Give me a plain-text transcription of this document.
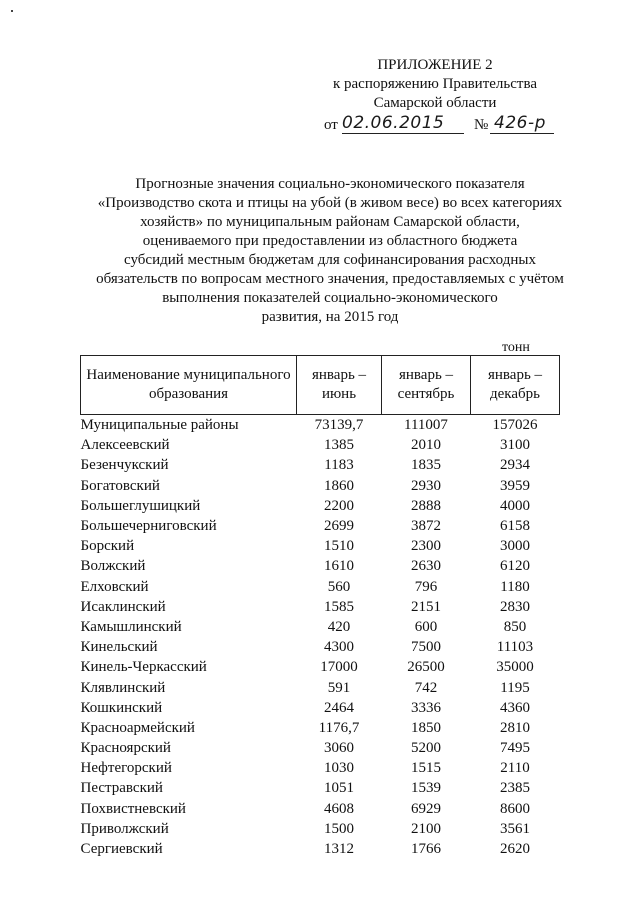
ПРИЛОЖЕНИЕ 2
к распоряжению Правительства
Самарской области
от 02.06.2015 № 426-р
Прогнозные значения социально-экономического показателя
«Производство скота и птицы на убой (в живом весе) во всех категориях
хозяйств» по муниципальным районам Самарской области,
оцениваемого при предоставлении из областного бюджета
субсидий местным бюджетам для софинансирования расходных
обязательств по вопросам местного значения, предоставляемых с учётом
выполнения показателей социально-экономического
развития, на 2015 год
тонн
Наименование муниципального образования	январь – июнь	январь – сентябрь	январь – декабрь
Муниципальные районы	73139,7	111007	157026
Алексеевский	1385	2010	3100
Безенчукский	1183	1835	2934
Богатовский	1860	2930	3959
Большеглушицкий	2200	2888	4000
Большечерниговский	2699	3872	6158
Борский	1510	2300	3000
Волжский	1610	2630	6120
Елховский	560	796	1180
Исаклинский	1585	2151	2830
Камышлинский	420	600	850
Кинельский	4300	7500	11103
Кинель-Черкасский	17000	26500	35000
Клявлинский	591	742	1195
Кошкинский	2464	3336	4360
Красноармейский	1176,7	1850	2810
Красноярский	3060	5200	7495
Нефтегорский	1030	1515	2110
Пестравский	1051	1539	2385
Похвистневский	4608	6929	8600
Приволжский	1500	2100	3561
Сергиевский	1312	1766	2620
